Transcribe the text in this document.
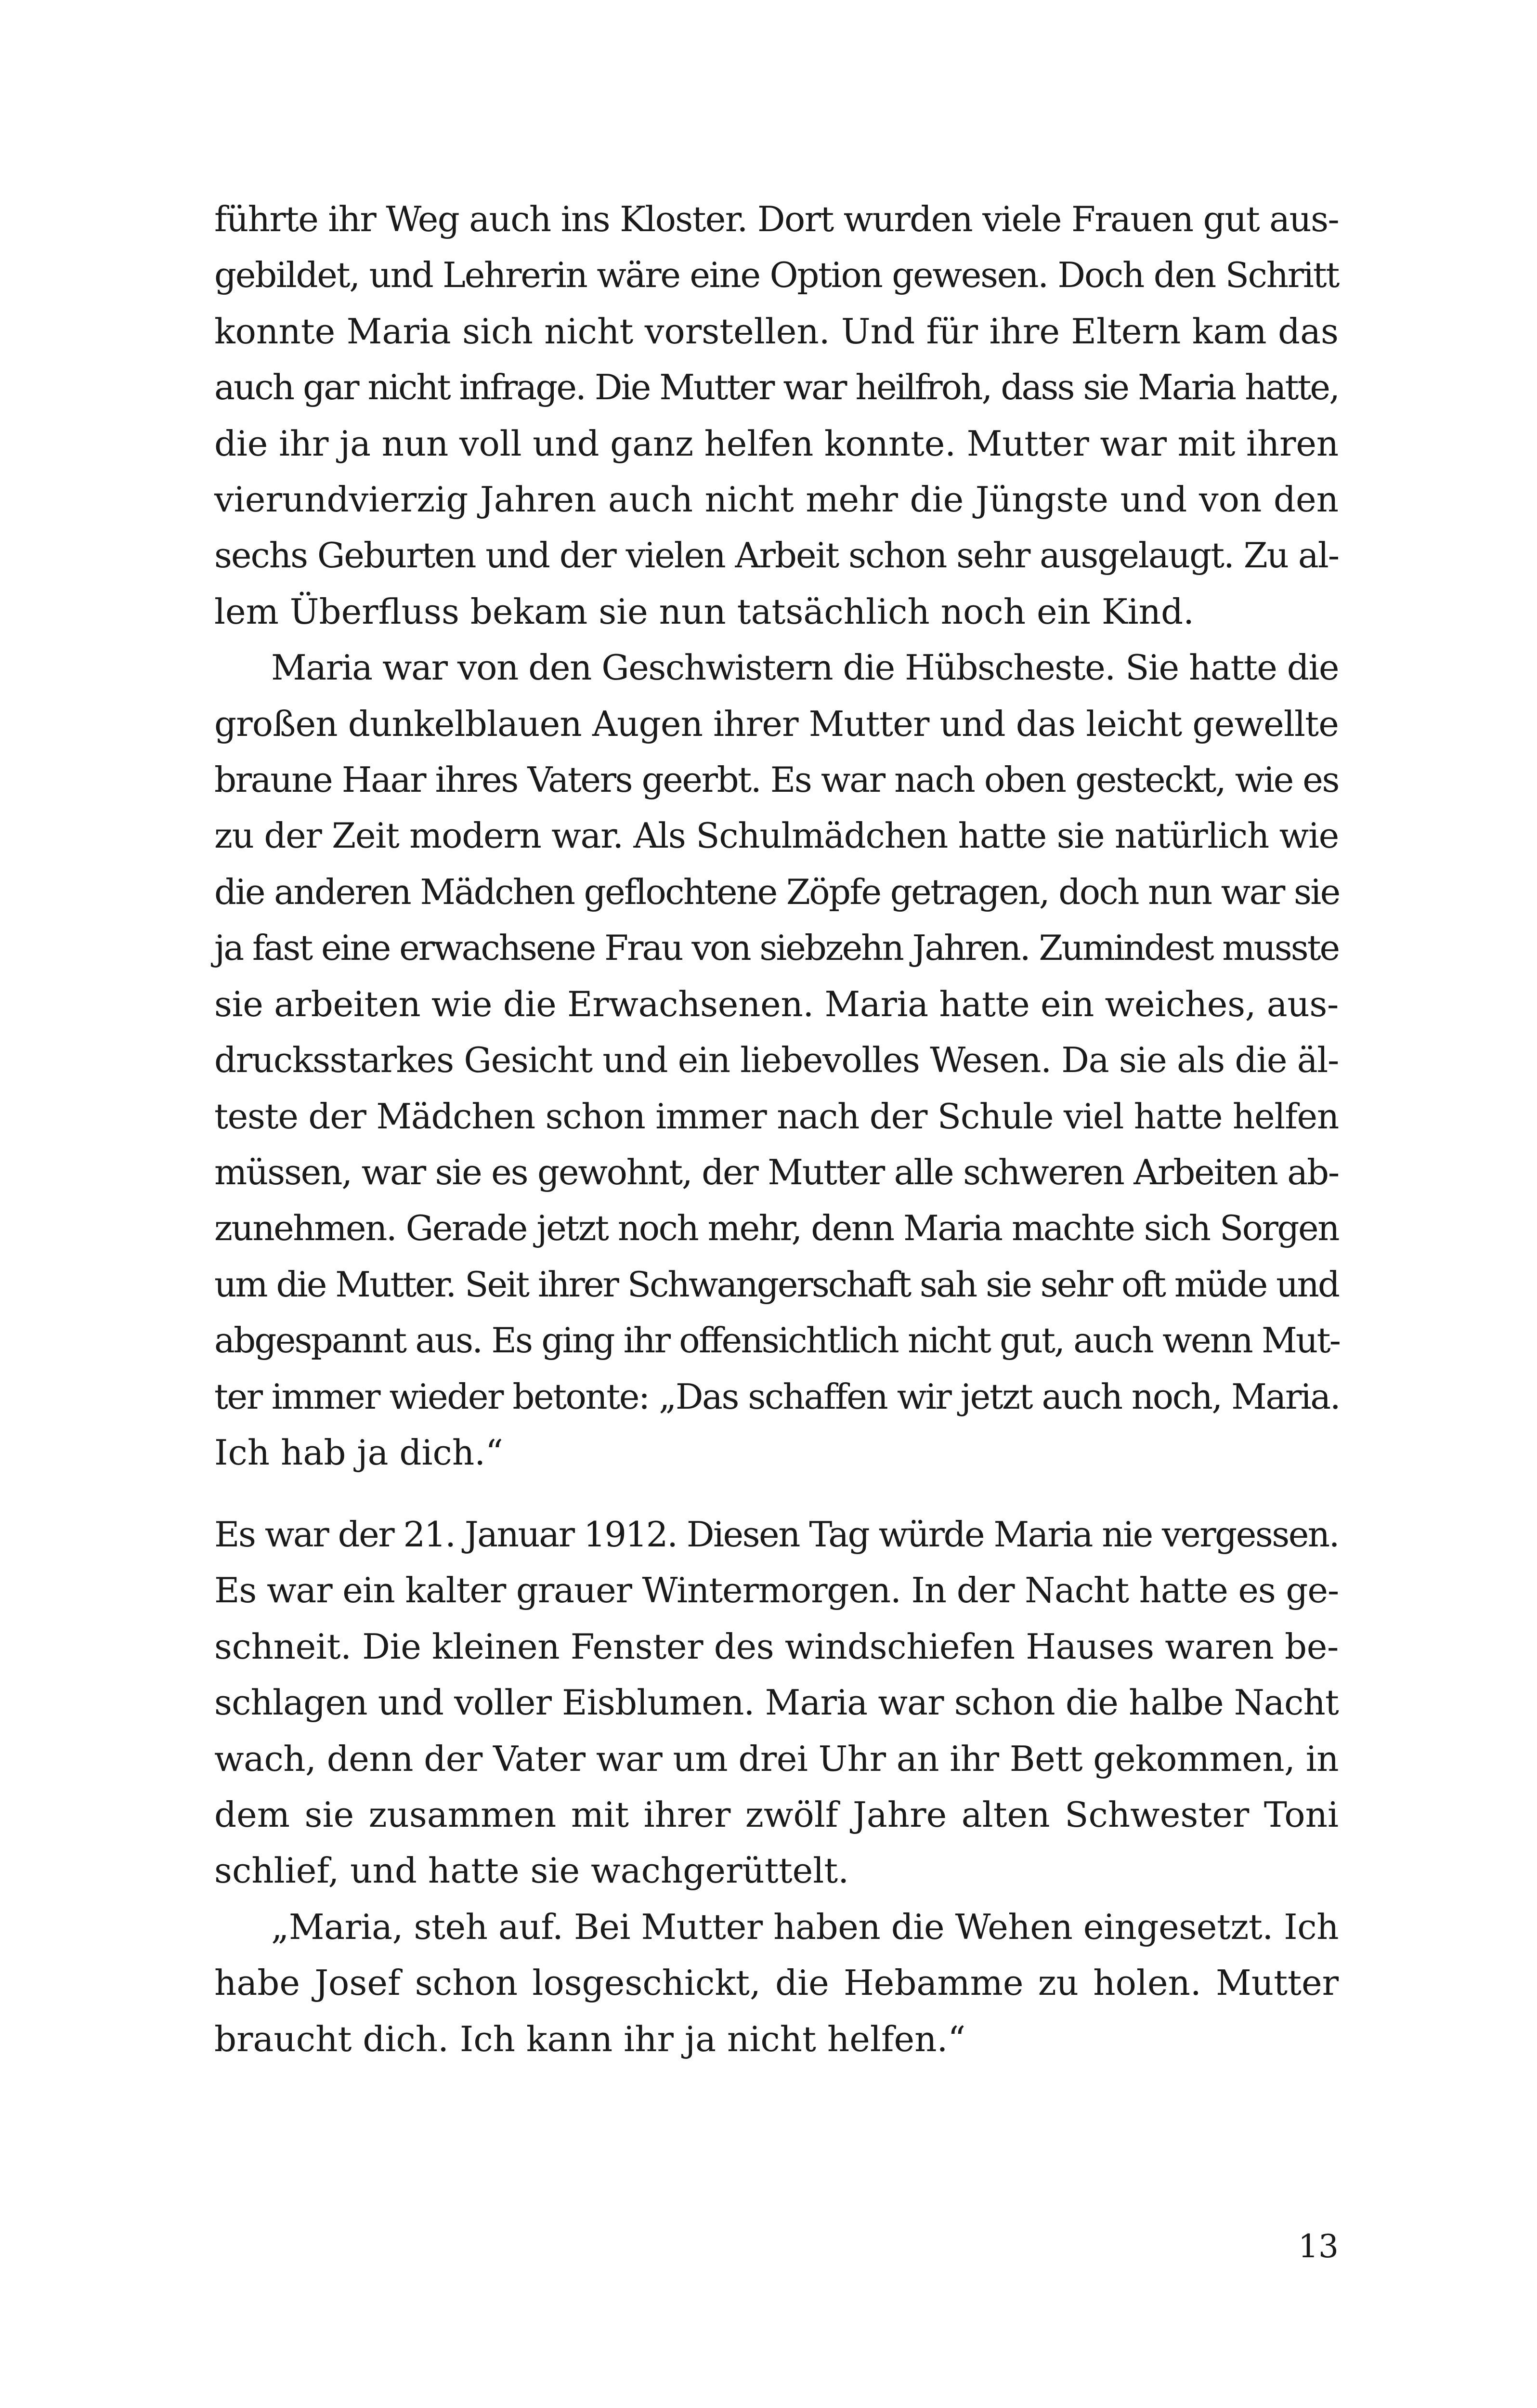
führte ihr Weg auch ins Kloster. Dort wurden viele Frauen gut aus-
gebildet, und Lehrerin wäre eine Option gewesen. Doch den Schritt
konnte Maria sich nicht vorstellen. Und für ihre Eltern kam das
auch gar nicht infrage. Die Mutter war heilfroh, dass sie Maria hatte,
die ihr ja nun voll und ganz helfen konnte. Mutter war mit ihren
vierundvierzig Jahren auch nicht mehr die Jüngste und von den
sechs Geburten und der vielen Arbeit schon sehr ausgelaugt. Zu al-
lem Überfluss bekam sie nun tatsächlich noch ein Kind.
Maria war von den Geschwistern die Hübscheste. Sie hatte die
großen dunkelblauen Augen ihrer Mutter und das leicht gewellte
braune Haar ihres Vaters geerbt. Es war nach oben gesteckt, wie es
zu der Zeit modern war. Als Schulmädchen hatte sie natürlich wie
die anderen Mädchen geflochtene Zöpfe getragen, doch nun war sie
ja fast eine erwachsene Frau von siebzehn Jahren. Zumindest musste
sie arbeiten wie die Erwachsenen. Maria hatte ein weiches, aus-
drucksstarkes Gesicht und ein liebevolles Wesen. Da sie als die äl-
teste der Mädchen schon immer nach der Schule viel hatte helfen
müssen, war sie es gewohnt, der Mutter alle schweren Arbeiten ab-
zunehmen. Gerade jetzt noch mehr, denn Maria machte sich Sorgen
um die Mutter. Seit ihrer Schwangerschaft sah sie sehr oft müde und
abgespannt aus. Es ging ihr offensichtlich nicht gut, auch wenn Mut-
ter immer wieder betonte: „Das schaffen wir jetzt auch noch, Maria.
Ich hab ja dich.“
Es war der 21. Januar 1912. Diesen Tag würde Maria nie vergessen.
Es war ein kalter grauer Wintermorgen. In der Nacht hatte es ge-
schneit. Die kleinen Fenster des windschiefen Hauses waren be-
schlagen und voller Eisblumen. Maria war schon die halbe Nacht
wach, denn der Vater war um drei Uhr an ihr Bett gekommen, in
dem sie zusammen mit ihrer zwölf Jahre alten Schwester Toni
schlief, und hatte sie wachgerüttelt.
„Maria, steh auf. Bei Mutter haben die Wehen eingesetzt. Ich
habe Josef schon losgeschickt, die Hebamme zu holen. Mutter
braucht dich. Ich kann ihr ja nicht helfen.“
13
